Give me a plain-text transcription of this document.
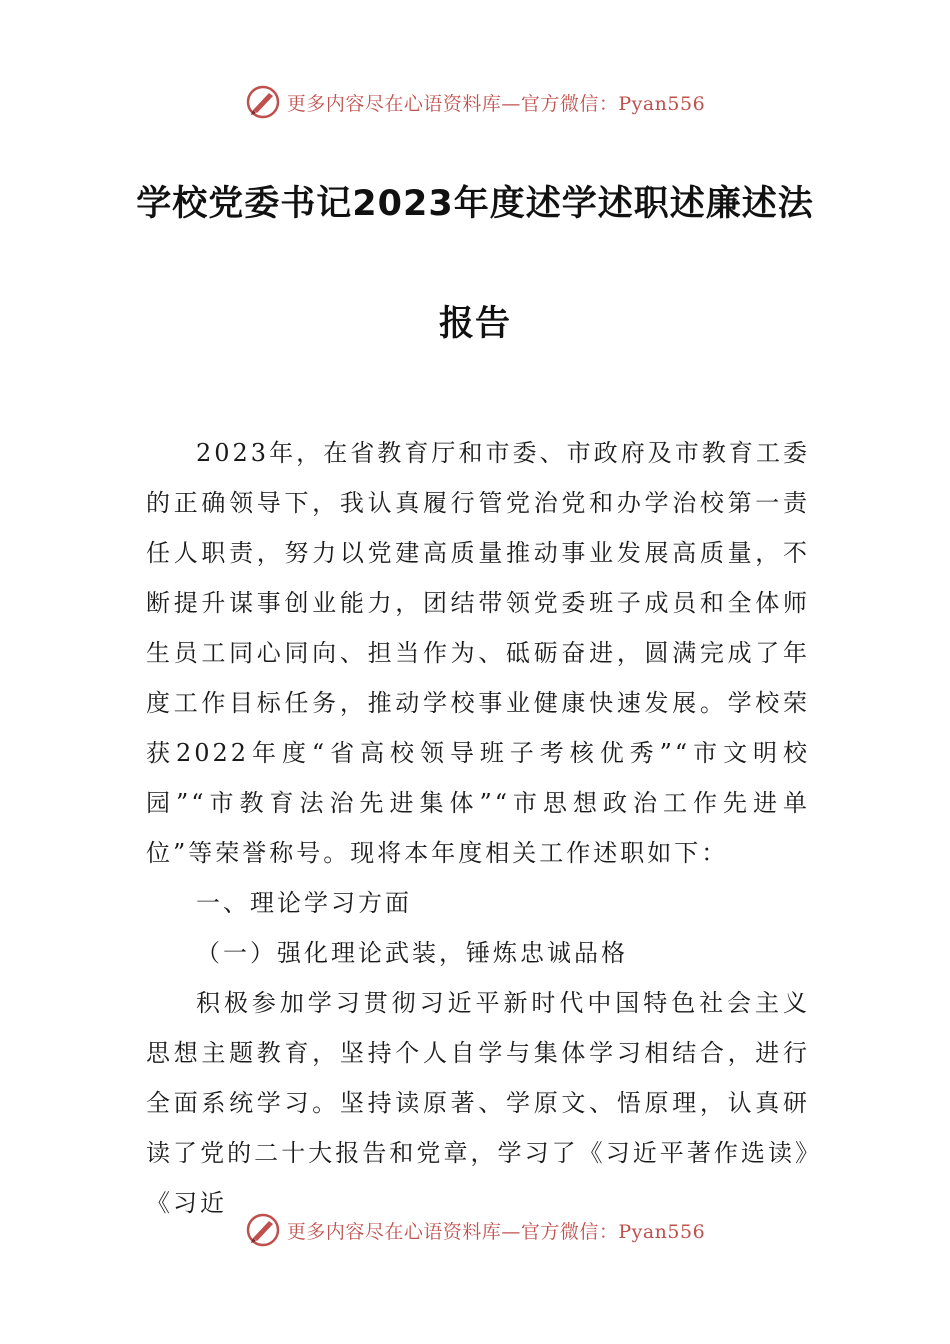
更多内容尽在心语资料库—官方微信：Pyan556
学校党委书记2023年度述学述职述廉述法
报告

2023年，在省教育厅和市委、市政府及市教育工委的正确领导下，我认真履行管党治党和办学治校第一责任人职责，努力以党建高质量推动事业发展高质量，不断提升谋事创业能力，团结带领党委班子成员和全体师生员工同心同向、担当作为、砥砺奋进，圆满完成了年度工作目标任务，推动学校事业健康快速发展。学校荣获2022年度“省高校领导班子考核优秀”“市文明校园”“市教育法治先进集体”“市思想政治工作先进单位”等荣誉称号。现将本年度相关工作述职如下：

一、理论学习方面

（一）强化理论武装，锤炼忠诚品格

积极参加学习贯彻习近平新时代中国特色社会主义思想主题教育，坚持个人自学与集体学习相结合，进行全面系统学习。坚持读原著、学原文、悟原理，认真研读了党的二十大报告和党章，学习了《习近平著作选读》《习近

更多内容尽在心语资料库—官方微信：Pyan556
